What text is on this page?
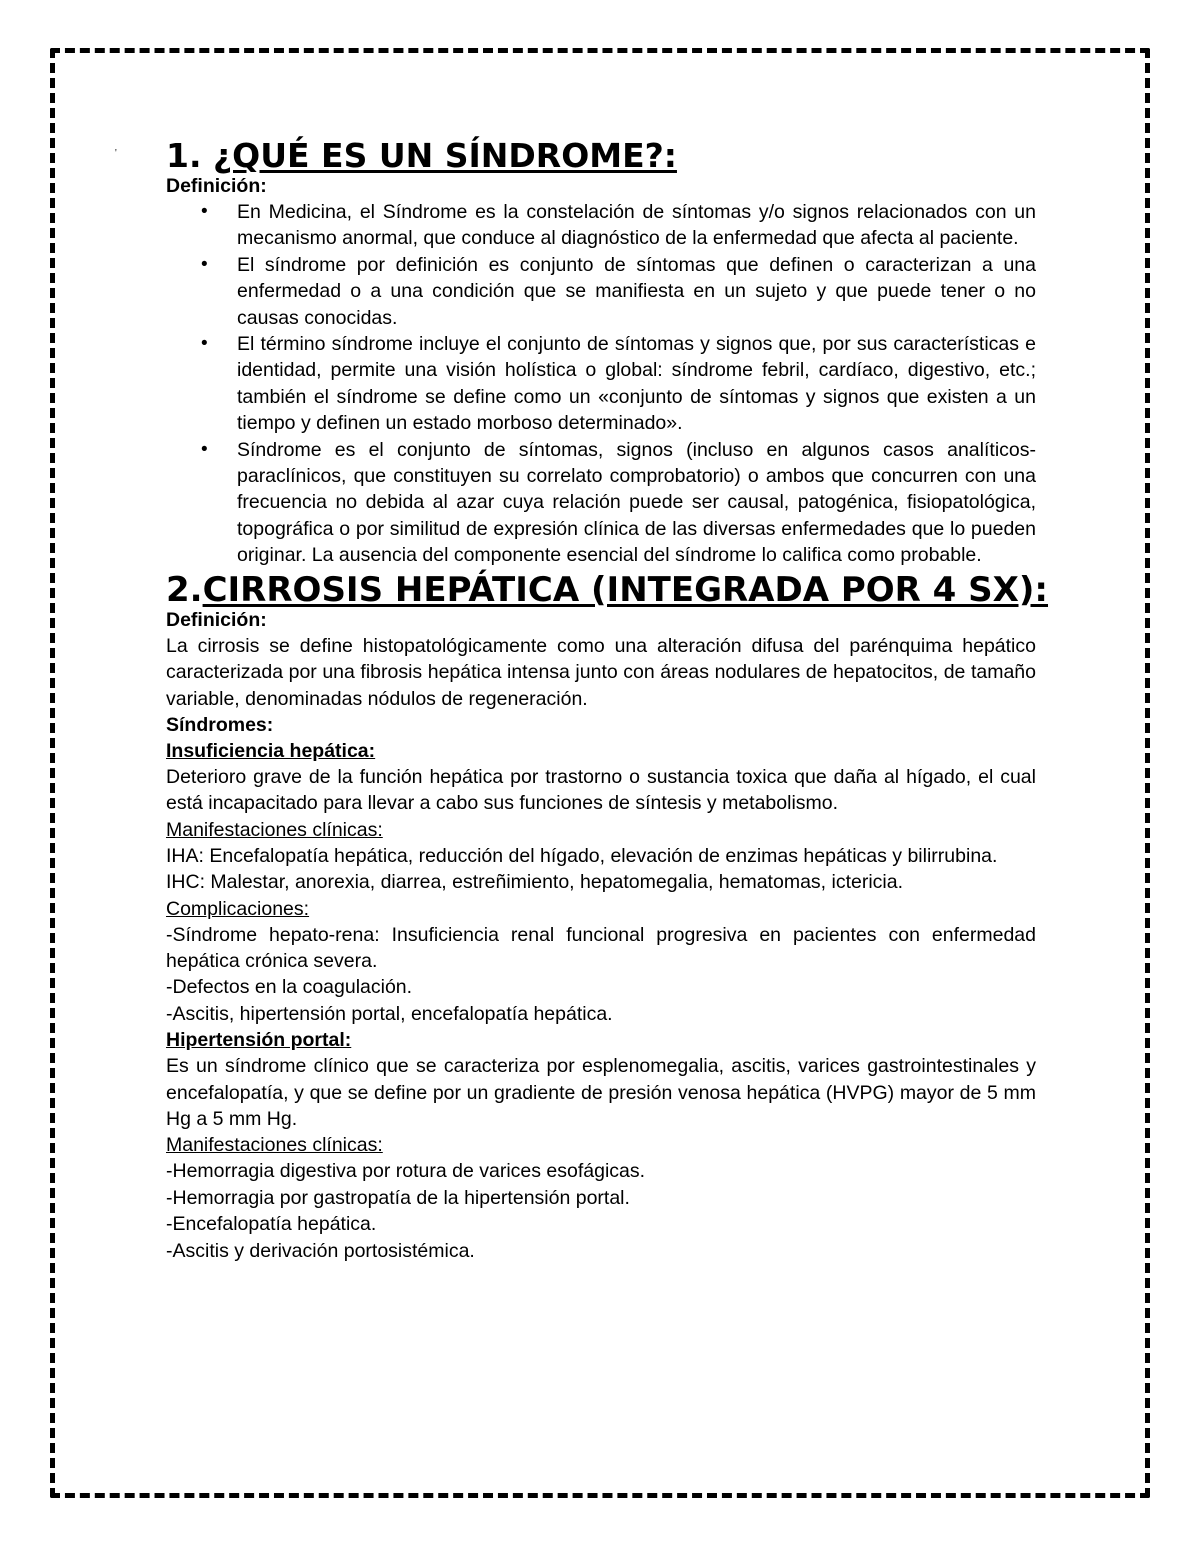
' 1. ¿QUÉ ES UN SÍNDROME?:
Definición:
• En Medicina, el Síndrome es la constelación de síntomas y/o signos relacionados con un mecanismo anormal, que conduce al diagnóstico de la enfermedad que afecta al paciente.
• El síndrome por definición es conjunto de síntomas que definen o caracterizan a una enfermedad o a una condición que se manifiesta en un sujeto y que puede tener o no causas conocidas.
• El término síndrome incluye el conjunto de síntomas y signos que, por sus características e identidad, permite una visión holística o global: síndrome febril, cardíaco, digestivo, etc.; también el síndrome se define como un «conjunto de síntomas y signos que existen a un tiempo y definen un estado morboso determinado».
• Síndrome es el conjunto de síntomas, signos (incluso en algunos casos analíticos-paraclínicos, que constituyen su correlato comprobatorio) o ambos que concurren con una frecuencia no debida al azar cuya relación puede ser causal, patogénica, fisiopatológica, topográfica o por similitud de expresión clínica de las diversas enfermedades que lo pueden originar. La ausencia del componente esencial del síndrome lo califica como probable.
2.CIRROSIS HEPÁTICA (INTEGRADA POR 4 SX):
Definición:

La cirrosis se define histopatológicamente como una alteración difusa del parénquima hepático caracterizada por una fibrosis hepática intensa junto con áreas nodulares de hepatocitos, de tamaño variable, denominadas nódulos de regeneración.

Síndromes:
Insuficiencia hepática:

Deterioro grave de la función hepática por trastorno o sustancia toxica que daña al hígado, el cual está incapacitado para llevar a cabo sus funciones de síntesis y metabolismo.

Manifestaciones clínicas:

IHA: Encefalopatía hepática, reducción del hígado, elevación de enzimas hepáticas y bilirrubina.

IHC: Malestar, anorexia, diarrea, estreñimiento, hepatomegalia, hematomas, ictericia.

Complicaciones:

-Síndrome hepato-rena: Insuficiencia renal funcional progresiva en pacientes con enfermedad hepática crónica severa.

-Defectos en la coagulación.

-Ascitis, hipertensión portal, encefalopatía hepática.

Hipertensión portal:

Es un síndrome clínico que se caracteriza por esplenomegalia, ascitis, varices gastrointestinales y encefalopatía, y que se define por un gradiente de presión venosa hepática (HVPG) mayor de 5 mm Hg a 5 mm Hg.

Manifestaciones clínicas:

-Hemorragia digestiva por rotura de varices esofágicas.

-Hemorragia por gastropatía de la hipertensión portal.

-Encefalopatía hepática.

-Ascitis y derivación portosistémica.
